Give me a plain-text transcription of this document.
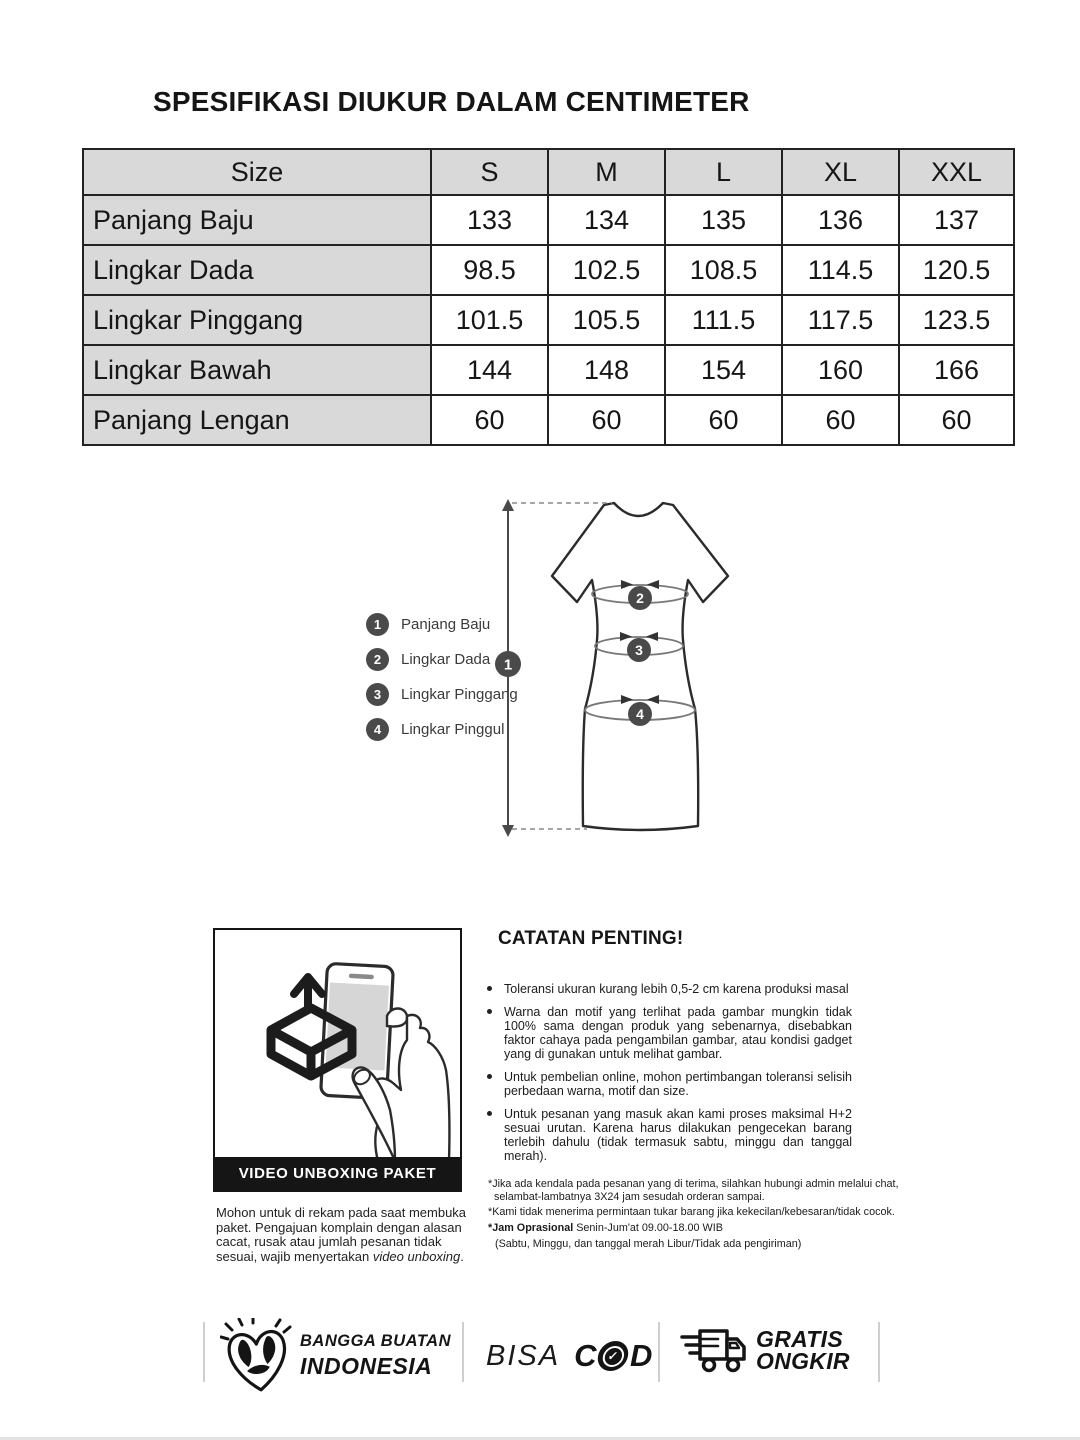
SPESIFIKASI DIUKUR DALAM CENTIMETER
Size	S	M	L	XL	XXL
Panjang Baju	133	134	135	136	137
Lingkar Dada	98.5	102.5	108.5	114.5	120.5
Lingkar Pinggang	101.5	105.5	111.5	117.5	123.5
Lingkar Bawah	144	148	154	160	166
Panjang Lengan	60	60	60	60	60
1	Panjang Baju
2	Lingkar Dada
3	Lingkar Pinggang
4	Lingkar Pinggul
1
2
3
4
VIDEO UNBOXING PAKET

Mohon untuk di rekam pada saat membuka paket. Pengajuan komplain dengan alasan cacat, rusak atau jumlah pesanan tidak sesuai, wajib menyertakan video unboxing.

CATATAN PENTING!
Toleransi ukuran kurang lebih 0,5-2 cm karena produksi masal
Warna dan motif yang terlihat pada gambar mungkin tidak 100% sama dengan produk yang sebenarnya, disebabkan faktor cahaya pada pengambilan gambar, atau kondisi gadget yang di gunakan untuk melihat gambar.
Untuk pembelian online, mohon pertimbangan toleransi selisih perbedaan warna, motif dan size.
Untuk pesanan yang masuk akan kami proses maksimal H+2 sesuai urutan. Karena harus dilakukan pengecekan barang terlebih dahulu (tidak termasuk sabtu, minggu dan tanggal merah).

*Jika ada kendala pada pesanan yang di terima, silahkan hubungi admin melalui chat, selambat-lambatnya 3X24 jam sesudah orderan sampai.

*Kami tidak menerima permintaan tukar barang jika kekecilan/kebesaran/tidak cocok.

*Jam Oprasional Senin-Jum'at 09.00-18.00 WIB

(Sabtu, Minggu, dan tanggal merah Libur/Tidak ada pengiriman)

BANGGA BUATAN
INDONESIA	BISA C ✓ D	GRATIS
ONGKIR
